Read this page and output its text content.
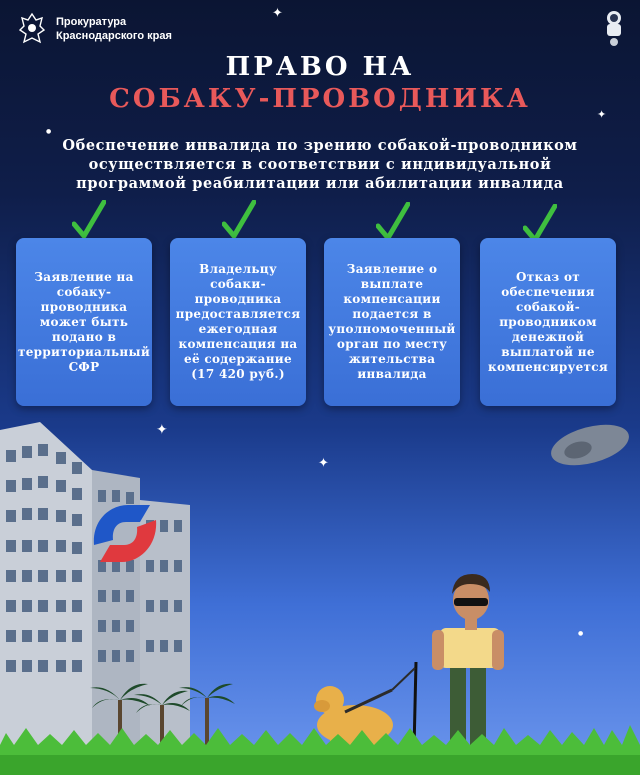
✦
✦
✦
✦
●
●
Прокуратура
Краснодарского края
ПРАВО НА
СОБАКУ-ПРОВОДНИКА
Обеспечение инвалида по зрению собакой-проводником
осуществляется в соответствии с индивидуальной
программой реабилитации или абилитации инвалида
Заявление на собаку-проводника может быть подано в территориальный СФР
Владельцу собаки-проводника предоставляется ежегодная компенсация на её содержание (17 420 руб.)
Заявление о выплате компенсации подается в уполномоченный орган по месту жительства инвалида
Отказ от обеспечения собакой-проводником денежной выплатой не компенсируется
